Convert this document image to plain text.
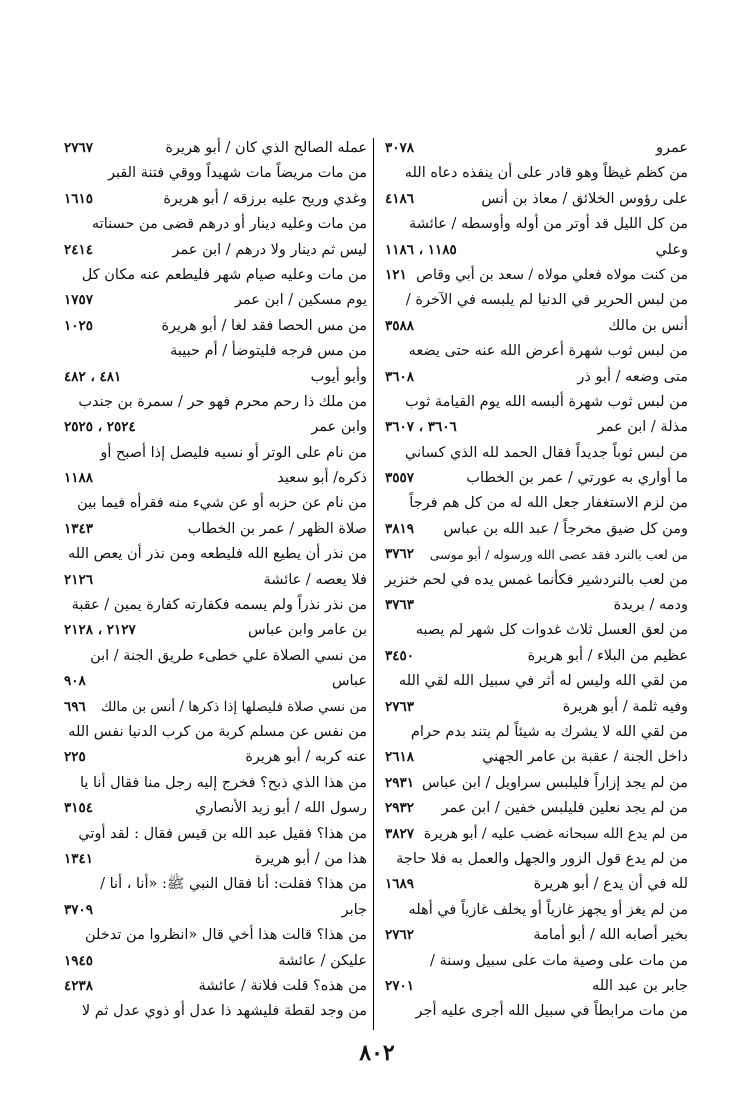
عمرو
٣٠٧٨
من كظم غيظاً وهو قادر على أن ينفذه دعاه الله
على رؤوس الخلائق / معاذ بن أنس
٤١٨٦
من كل الليل قد أوتر من أوله وأوسطه / عائشة
وعلي
١١٨٥ ، ١١٨٦
من كنت مولاه فعلي مولاه / سعد بن أبي وقاص
١٢١
من لبس الحرير في الدنيا لم يلبسه في الآخرة /
أنس بن مالك
٣٥٨٨
من لبس ثوب شهرة أعرض الله عنه حتى يضعه
متى وضعه / أبو ذر
٣٦٠٨
من لبس ثوب شهرة ألبسه الله يوم القيامة ثوب
مذلة / ابن عمر
٣٦٠٦ ، ٣٦٠٧
من لبس ثوباً جديداً فقال الحمد لله الذي كساني
ما أواري به عورتي / عمر بن الخطاب
٣٥٥٧
من لزم الاستغفار جعل الله له من كل هم فرجاً
ومن كل ضيق مخرجاً / عبد الله بن عباس
٣٨١٩
من لعب بالنرد فقد عصى الله ورسوله / أبو موسى
٣٧٦٢
من لعب بالنردشير فكأنما غمس يده في لحم خنزير
ودمه / بريدة
٣٧٦٣
من لعق العسل ثلاث غدوات كل شهر لم يصبه
عظيم من البلاء / أبو هريرة
٣٤٥٠
من لقي الله وليس له أثر في سبيل الله لقي الله
وفيه ثلمة / أبو هريرة
٢٧٦٣
من لقي الله لا يشرك به شيئاً لم يتند بدم حرام
داخل الجنة / عقبة بن عامر الجهني
٢٦١٨
من لم يجد إزاراً فليلبس سراويل / ابن عباس
٢٩٣١
من لم يجد نعلين فليلبس خفين / ابن عمر
٢٩٣٢
من لم يدع الله سبحانه غضب عليه / أبو هريرة
٣٨٢٧
من لم يدع قول الزور والجهل والعمل به فلا حاجة
لله في أن يدع / أبو هريرة
١٦٨٩
من لم يغز أو يجهز غازياً أو يخلف غازياً في أهله
بخير أصابه الله / أبو أمامة
٢٧٦٢
من مات على وصية مات على سبيل وسنة /
جابر بن عبد الله
٢٧٠١
من مات مرابطاً في سبيل الله أجرى عليه أجر
عمله الصالح الذي كان / أبو هريرة
٢٧٦٧
من مات مريضاً مات شهيداً ووقي فتنة القبر
وغدي وريح عليه برزقه / أبو هريرة
١٦١٥
من مات وعليه دينار أو درهم قضى من حسناته
ليس ثم دينار ولا درهم / ابن عمر
٢٤١٤
من مات وعليه صيام شهر فليطعم عنه مكان كل
يوم مسكين / ابن عمر
١٧٥٧
من مس الحصا فقد لغا / أبو هريرة
١٠٢٥
من مس فرجه فليتوضأ / أم حبيبة
وأبو أيوب
٤٨١ ، ٤٨٢
من ملك ذا رحم محرم فهو حر / سمرة بن جندب
وابن عمر
٢٥٢٤ ، ٢٥٢٥
من نام على الوتر أو نسيه فليصل إذا أصبح أو
ذكره/ أبو سعيد
١١٨٨
من نام عن حزبه أو عن شيء منه فقرأه فيما بين
صلاة الظهر / عمر بن الخطاب
١٣٤٣
من نذر أن يطيع الله فليطعه ومن نذر أن يعص الله
فلا يعصه / عائشة
٢١٢٦
من نذر نذراً ولم يسمه فكفارته كفارة يمين / عقبة
بن عامر وابن عباس
٢١٢٧ ، ٢١٢٨
من نسي الصلاة علي خطىء طريق الجنة / ابن
عباس
٩٠٨
من نسي صلاة فليصلها إذا ذكرها / أنس بن مالك
٦٩٦
من نفس عن مسلم كربة من كرب الدنيا نفس الله
عنه كربه / أبو هريرة
٢٢٥
من هذا الذي ذبح؟ فخرج إليه رجل منا فقال أنا يا
رسول الله / أبو زيد الأنصاري
٣١٥٤
من هذا؟ فقيل عبد الله بن قيس فقال : لقد أوتي
هذا من / أبو هريرة
١٣٤١
من هذا؟ فقلت: أنا فقال النبي ﷺ: «أنا ، أنا /
جابر
٣٧٠٩
من هذا؟ قالت هذا أخي قال «انظروا من تدخلن
عليكن / عائشة
١٩٤٥
من هذه؟ قلت فلانة / عائشة
٤٢٣٨
من وجد لقطة فليشهد ذا عدل أو ذوي عدل ثم لا
٨٠٢
